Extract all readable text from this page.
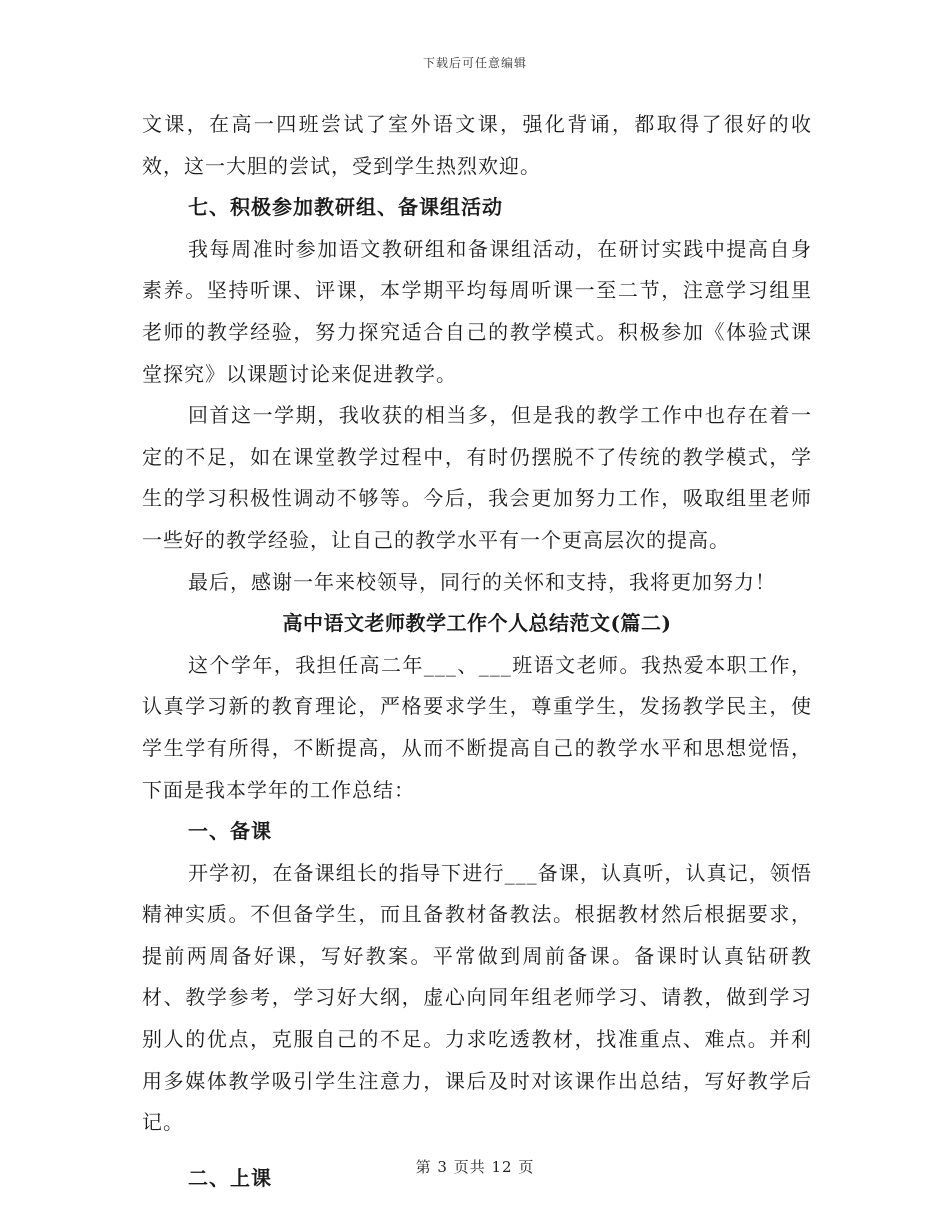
下载后可任意编辑

文课，在高一四班尝试了室外语文课，强化背诵，都取得了很好的收效，这一大胆的尝试，受到学生热烈欢迎。

七、积极参加教研组、备课组活动

我每周准时参加语文教研组和备课组活动，在研讨实践中提高自身素养。坚持听课、评课，本学期平均每周听课一至二节，注意学习组里老师的教学经验，努力探究适合自己的教学模式。积极参加《体验式课堂探究》以课题讨论来促进教学。

回首这一学期，我收获的相当多，但是我的教学工作中也存在着一定的不足，如在课堂教学过程中，有时仍摆脱不了传统的教学模式，学生的学习积极性调动不够等。今后，我会更加努力工作，吸取组里老师一些好的教学经验，让自己的教学水平有一个更高层次的提高。

最后，感谢一年来校领导，同行的关怀和支持，我将更加努力！

高中语文老师教学工作个人总结范文(篇二)

这个学年，我担任高二年___、___班语文老师。我热爱本职工作，认真学习新的教育理论，严格要求学生，尊重学生，发扬教学民主，使学生学有所得，不断提高，从而不断提高自己的教学水平和思想觉悟，下面是我本学年的工作总结：

一、备课

开学初，在备课组长的指导下进行___备课，认真听，认真记，领悟精神实质。不但备学生，而且备教材备教法。根据教材然后根据要求，提前两周备好课，写好教案。平常做到周前备课。备课时认真钻研教材、教学参考，学习好大纲，虚心向同年组老师学习、请教，做到学习别人的优点，克服自己的不足。力求吃透教材，找准重点、难点。并利用多媒体教学吸引学生注意力，课后及时对该课作出总结，写好教学后记。

二、上课	第 3 页共 12 页
